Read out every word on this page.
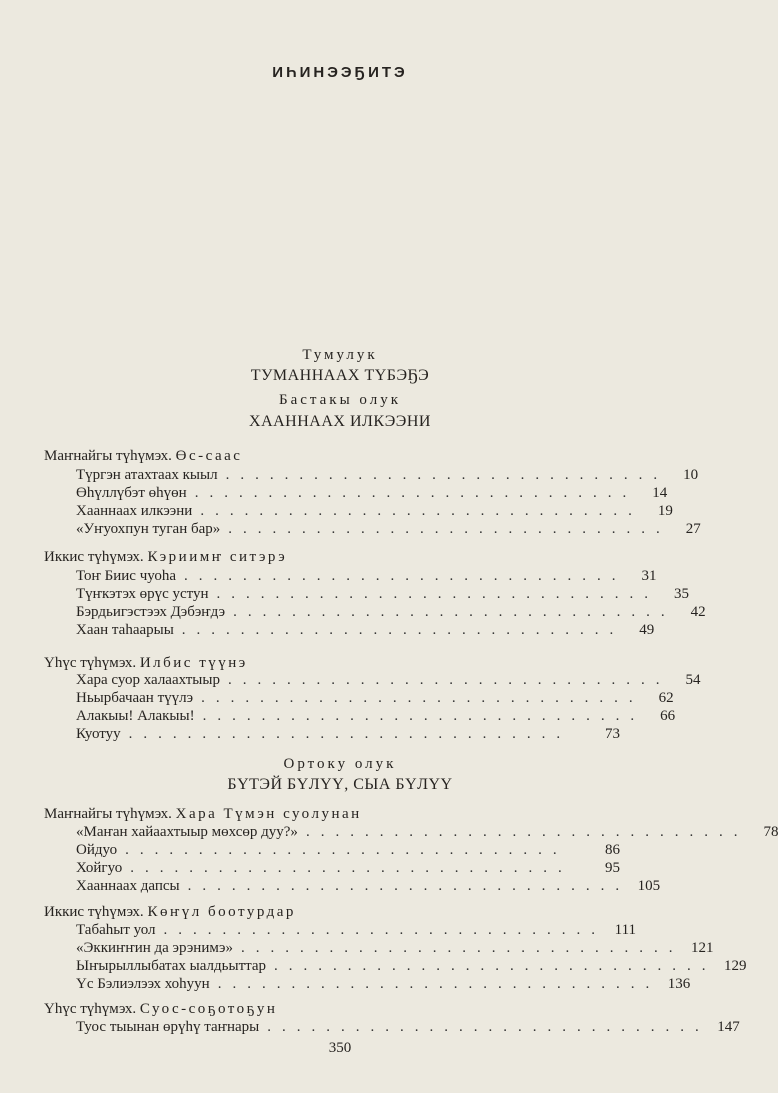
ИҺИНЭЭҔИТЭ
Тумулук
ТУМАННААХ ТҮБЭҔЭ
Бастакы олук
ХААННААХ ИЛКЭЭНИ
Маҥнайгы түһүмэх. Өс-саас
Түргэн атахтаах кыыл ..............................	10
Өһүллүбэт өһүөн ..............................	14
Хааннаах илкээни ..............................	19
«Уҥуохпун туган бар» ..............................	27
Иккис түһүмэх. Кэриимҥ ситэрэ
Тоҥ Биис чуоһа ..............................	31
Түҥкэтэх өрүс устун ..............................	35
Бэрдьигэстээх Дэбэҥдэ ..............................	42
Хаан таһаарыы ..............................	49
Үһүс түһүмэх. Илбис түүнэ
Хара суор халаахтыыр ..............................	54
Ньырбачаан түүлэ ..............................	62
Алакыы! Алакыы! ..............................	66
Куотуу ..............................	73
Ортоку олук
БҮТЭЙ БҮЛҮҮ, СЫА БҮЛҮҮ
Маҥнайгы түһүмэх. Хара Түмэн суолунан
«Маҥан хайаахтыыр мөхсөр дуу?» ..............................	78
Ойдуо ..............................	86
Хойгуо ..............................	95
Хааннаах дапсы .............................. 105
Иккис түһүмэх. Көҥүл боотурдар
Табаһыт уол .............................. 111
«Эккиҥҥин да эрэнимэ» .............................. 121
Ыҥырыллыбатах ыалдьыттар .............................. 129
Үс Бэлиэлээх хоһуун .............................. 136
Үһүс түһүмэх. Суос-соҕотоҕун
Туос тыынан өрүһү таҥнары .............................. 147
350
